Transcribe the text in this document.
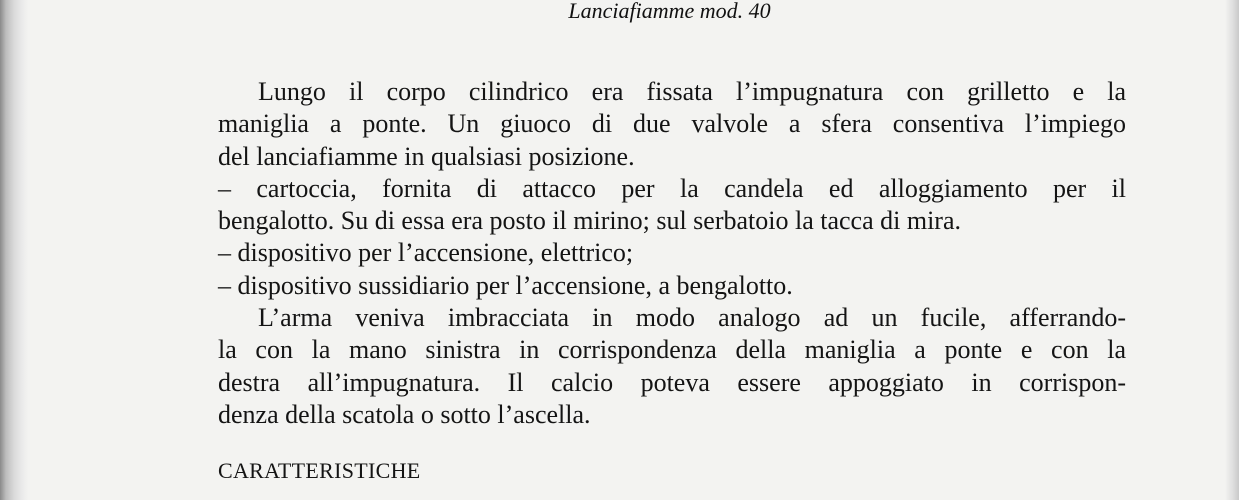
Lanciafiamme mod. 40
Lungo il corpo cilindrico era fissata l’impugnatura con grilletto e la
maniglia a ponte. Un giuoco di due valvole a sfera consentiva l’impiego
del lanciafiamme in qualsiasi posizione.
– cartoccia, fornita di attacco per la candela ed alloggiamento per il
bengalotto. Su di essa era posto il mirino; sul serbatoio la tacca di mira.
– dispositivo per l’accensione, elettrico;
– dispositivo sussidiario per l’accensione, a bengalotto.
L’arma veniva imbracciata in modo analogo ad un fucile, afferrando-
la con la mano sinistra in corrispondenza della maniglia a ponte e con la
destra all’impugnatura. Il calcio poteva essere appoggiato in corrispon-
denza della scatola o sotto l’ascella.
CARATTERISTICHE
